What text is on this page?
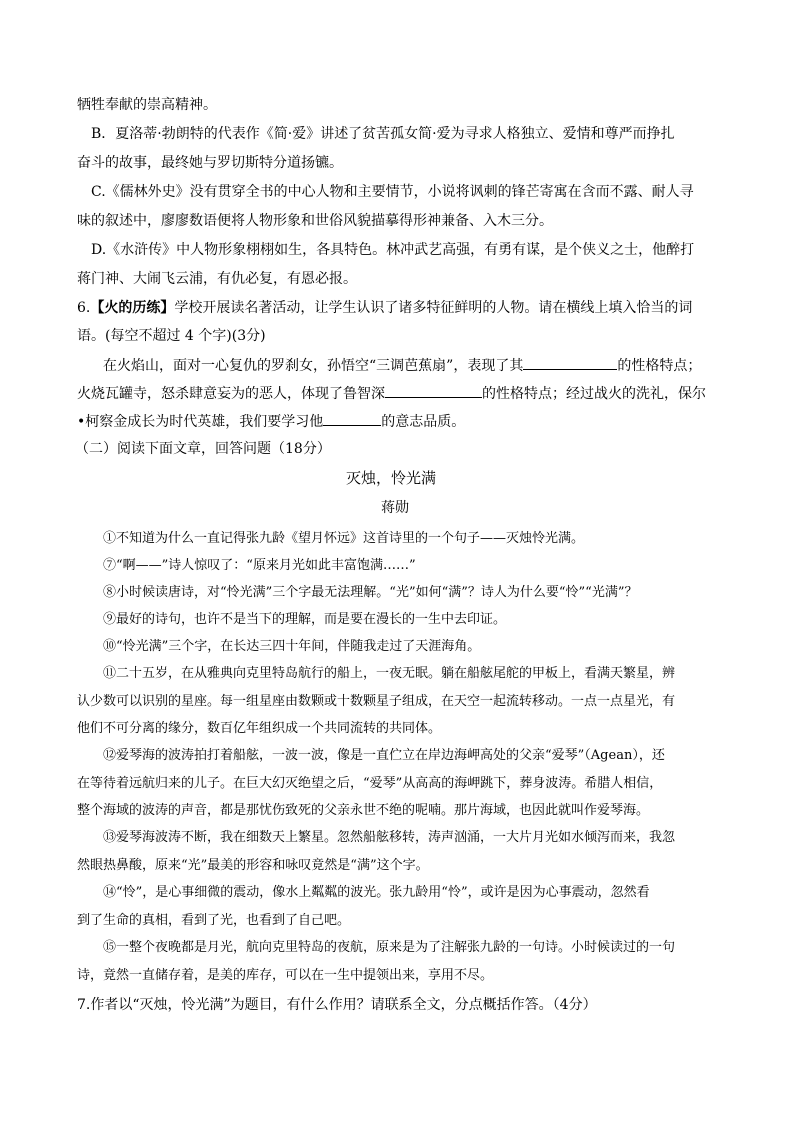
牺牲奉献的崇高精神。
B．夏洛蒂·勃朗特的代表作《简·爱》讲述了贫苦孤女简·爱为寻求人格独立、爱情和尊严而挣扎
奋斗的故事，最终她与罗切斯特分道扬镳。
C.《儒林外史》没有贯穿全书的中心人物和主要情节，小说将讽刺的锋芒寄寓在含而不露、耐人寻
味的叙述中，廖廖数语便将人物形象和世俗风貌描摹得形神兼备、入木三分。
D.《水浒传》中人物形象栩栩如生，各具特色。林冲武艺高强，有勇有谋，是个侠义之士，他醉打
蒋门神、大闹飞云浦，有仇必复，有恩必报。
6.【火的历练】学校开展读名著活动，让学生认识了诸多特征鲜明的人物。请在横线上填入恰当的词
语。(每空不超过 4 个字)(3分)
在火焰山，面对一心复仇的罗刹女，孙悟空“三调芭蕉扇”，表现了其	的性格特点；
火烧瓦罐寺，怒杀肆意妄为的恶人，体现了鲁智深	的性格特点；经过战火的洗礼，保尔
•柯察金成长为时代英雄，我们要学习他	的意志品质。
（二）阅读下面文章，回答问题（18分）
灭烛，怜光满
蒋勋
①不知道为什么一直记得张九龄《望月怀远》这首诗里的一个句子——灭烛怜光满。
⑦“啊——”诗人惊叹了：“原来月光如此丰富饱满……”
⑧小时候读唐诗，对“怜光满”三个字最无法理解。“光”如何“满”？诗人为什么要“怜”“光满”？
⑨最好的诗句，也许不是当下的理解，而是要在漫长的一生中去印证。
⑩“怜光满”三个字，在长达三四十年间，伴随我走过了天涯海角。
⑪二十五岁，在从雅典向克里特岛航行的船上，一夜无眠。躺在船舷尾舵的甲板上，看满天繁星，辨
认少数可以识别的星座。每一组星座由数颗或十数颗星子组成，在天空一起流转移动。一点一点星光，有
他们不可分离的缘分，数百亿年组织成一个共同流转的共同体。
⑫爱琴海的波涛拍打着船舷，一波一波，像是一直伫立在岸边海岬高处的父亲“爱琴”（Agean），还
在等待着远航归来的儿子。在巨大幻灭绝望之后，“爱琴”从高高的海岬跳下，葬身波涛。希腊人相信，
整个海域的波涛的声音，都是那忧伤致死的父亲永世不绝的呢喃。那片海域，也因此就叫作爱琴海。
⑬爱琴海波涛不断，我在细数天上繁星。忽然船舷移转，涛声汹涌，一大片月光如水倾泻而来，我忽
然眼热鼻酸，原来“光”最美的形容和咏叹竟然是“满”这个字。
⑭“怜”，是心事细微的震动，像水上粼粼的波光。张九龄用“怜”，或许是因为心事震动，忽然看
到了生命的真相，看到了光，也看到了自己吧。
⑮一整个夜晚都是月光，航向克里特岛的夜航，原来是为了注解张九龄的一句诗。小时候读过的一句
诗，竟然一直储存着，是美的库存，可以在一生中提领出来，享用不尽。
7.作者以“灭烛，怜光满”为题目，有什么作用？请联系全文，分点概括作答。（4分）
